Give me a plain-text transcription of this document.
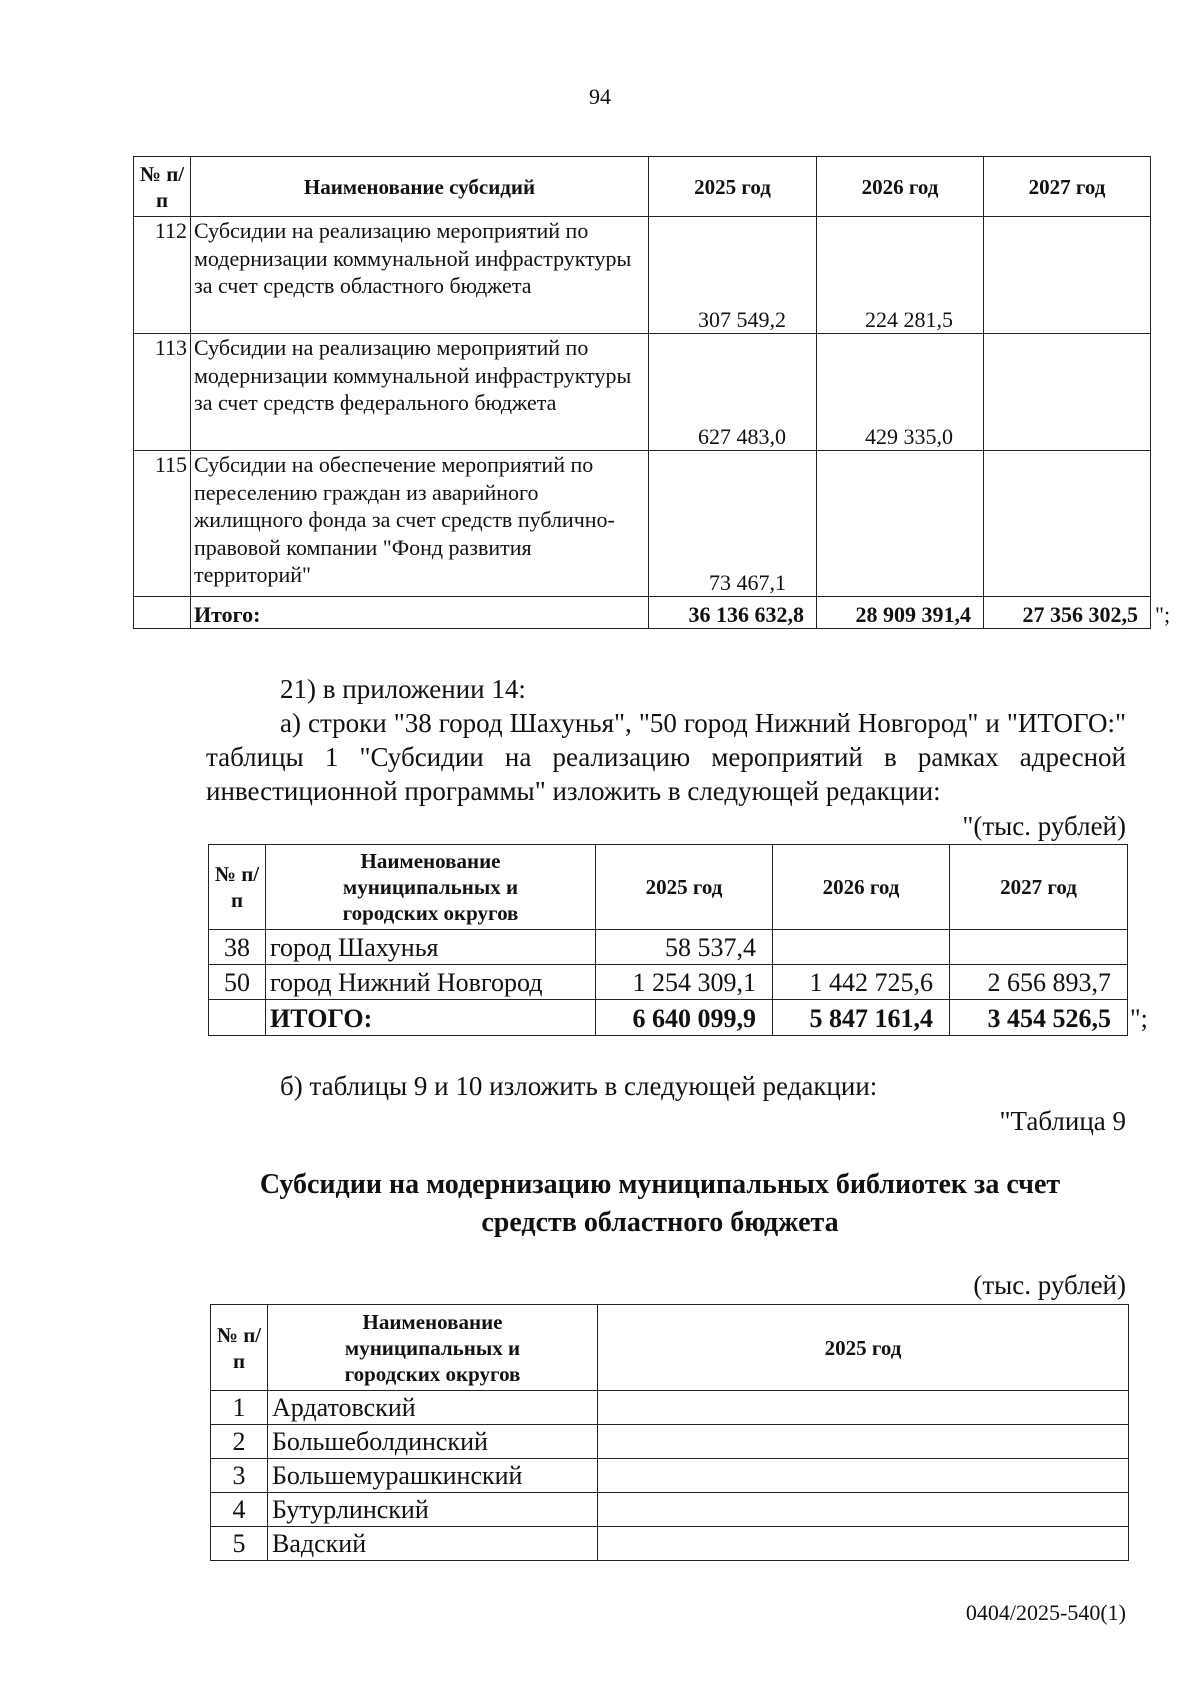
94
№ п/п	Наименование субсидий	2025 год	2026 год	2027 год
112	Субсидии на реализацию мероприятий по модернизации коммунальной инфраструктуры за счет средств областного бюджета	307 549,2	224 281,5	
113	Субсидии на реализацию мероприятий по модернизации коммунальной инфраструктуры за счет средств федерального бюджета	627 483,0	429 335,0	
115	Субсидии на обеспечение мероприятий по переселению граждан из аварийного жилищного фонда за счет средств публично-правовой компании "Фонд развития территорий"	73 467,1		
	Итого:	36 136 632,8	28 909 391,4	27 356 302,5 ";
21) в приложении 14:
а) строки "38 город Шахунья", "50 город Нижний Новгород" и "ИТОГО:" таблицы 1 "Субсидии на реализацию мероприятий в рамках адресной инвестиционной программы" изложить в следующей редакции:
"(тыс. рублей)
№ п/п	Наименование муниципальных и городских округов	2025 год	2026 год	2027 год
38	город Шахунья	58 537,4		
50	город Нижний Новгород	1 254 309,1	1 442 725,6	2 656 893,7
	ИТОГО:	6 640 099,9	5 847 161,4	3 454 526,5 ";
б) таблицы 9 и 10 изложить в следующей редакции:
"Таблица 9
Субсидии на модернизацию муниципальных библиотек за счет
средств областного бюджета
(тыс. рублей)
№ п/п	Наименование муниципальных и городских округов	2025 год
1	Ардатовский	
2	Большеболдинский	
3	Большемурашкинский	
4	Бутурлинский	
5	Вадский	
0404/2025-540(1)
